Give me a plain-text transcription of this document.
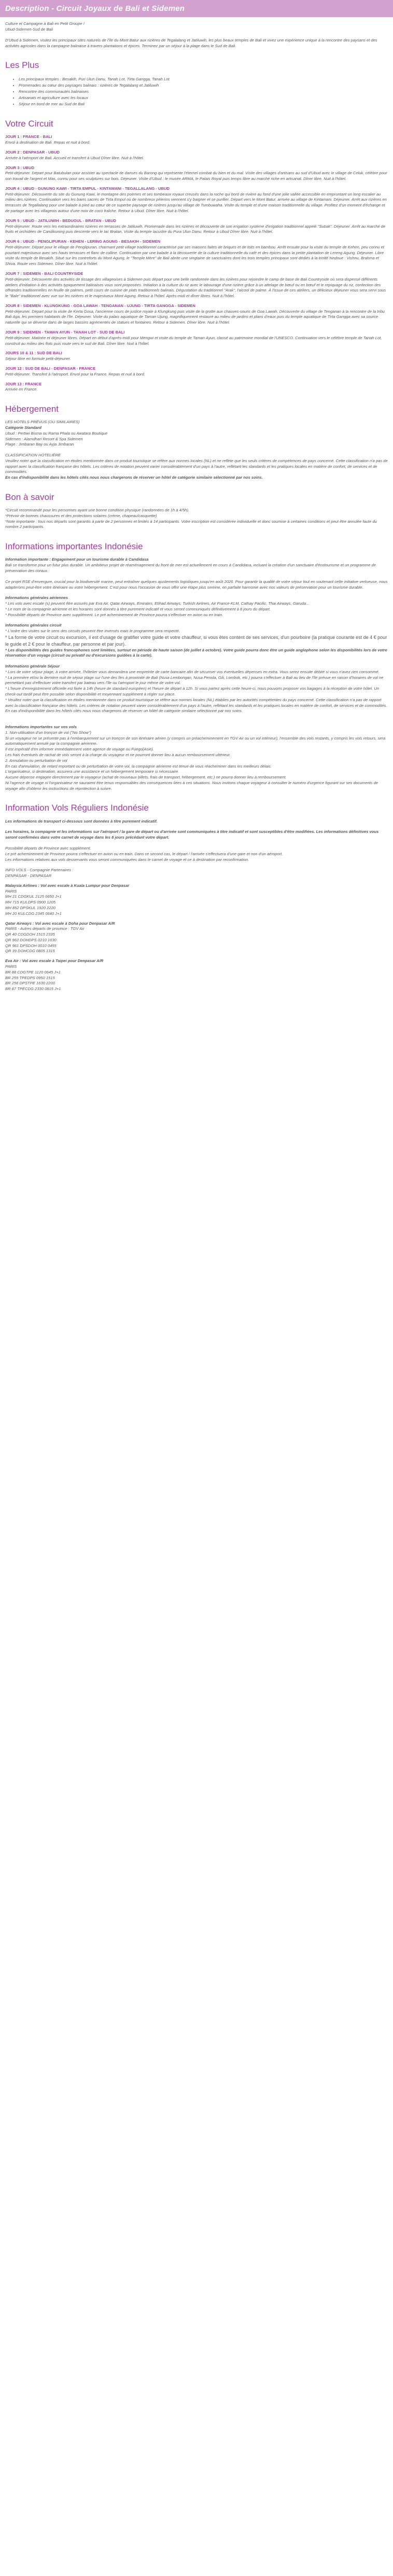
Description - Circuit Joyaux de Bali et Sidemen
Culture et Campagne à Bali en Petit Groupe !
Ubud-Sidemen-Sud de Bali

D'Ubud à Sidemen, visitez les principaux sites naturels de l'île du Mont Batur aux rizières de Tegalalang et Jatiluwih, les plus beaux temples de Bali et vivez une expérience unique à la rencontre des paysans et des activités agricoles dans la campagne balinaise à travers plantations et épices. Terminez par un séjour à la plage dans le Sud de Bali.

Les Plus
• Les principaux temples : Besakih, Puri Ulun Danu, Tanah Lot, Tirta Gangga, Tanah Lot
• Promenades au cœur des paysages balinais : rizières de Tegalalang et Jatiluwih
• Rencontre des communautés balinaises
• Artisanats et agriculture avec les locaux
• Séjour en bord de mer au Sud de Bali
Votre Circuit
JOUR 1 : FRANCE - BALI
Envol à destination de Bali. Repas et nuit à bord.
JOUR 2 : DENPASAR - UBUD
Arrivée à l'aéroport de Bali. Accueil et transfert à Ubud Dîner libre. Nuit à l'hôtel.
JOUR 3 : UBUD
Petit-déjeuner. Départ pour Batubulan pour assister au spectacle de danses du Barong qui représente l'éternel combat du bien et du mal. Visite des villages d'artisans au sud d'Ubud avec le village de Celuk, célèbre pour son travail de l'argent et Mas, connu pour ses sculptures sur bois. Déjeuner. Visite d'Ubud : le musée ARMA, le Palais Royal puis temps libre au marché riche en artisanat. Dîner libre. Nuit à l'hôtel.
JOUR 4 : UBUD - GUNUNG KAWI - TIRTA EMPUL - KINTAMANI - TEGALLALANG - UBUD
Petit-déjeuner. Découverte du site du Gunung Kawi, le montagne des poèmes et ses tombeaux royaux creusés dans la roche qui bord de rivière au fond d'une jolie vallée accessible en empruntant un long escalier au milieu des rizières. Continuation vers les bains sacrés de Tirta Empul où de nombreux pèlerins viennent s'y baigner et se purifier. Départ vers le Mont Batur, arrivée au village de Kintamani. Déjeuner. Arrêt aux rizières en terrasses de Tegallalang pour une balade à pied au cœur de ce superbe paysage de rizières jusqu'au village de Tumbuwaha. Visite du temple et d'une maison traditionnelle du village. Profitez d'un moment d'échange et de partage avec les villageois autour d'une noix de coco fraîche. Retour à Ubud. Dîner libre. Nuit à l'hôtel.
JOUR 5 : UBUD - JATILUWIH - BEDUGUL - BRATAN - UBUD
Petit-déjeuner. Route vers les extraordinaires rizières en terrasses de Jatiluwih. Promenade dans les rizières et découverte de son irrigation système d'irrigation traditionnel appelé "Subak". Déjeuner. Arrêt au marché de fruits et orchidées de Candikuning puis descente vers le lac Bratan. Visite du temple lacustre du Pura Ulun Danu. Retour à Ubud Dîner libre. Nuit à l'hôtel.
JOUR 6 : UBUD - PENGLIPURAN - KEHEN - LERING AGUNG - BESAKIH - SIDEMEN
Petit-déjeuner. Départ pour le village de Penglipuran, charmant petit village traditionnel caractérisé par ses maisons faites de briques et de toits en bambou. Arrêt ensuite pour la visite du temple de Kehen, peu connu et pourtant majestueux avec ses hauts terrasses et flanc de colline. Continuation par une balade à la découverte de la culture traditionnelle du café et des épices dans la petite plantation de Lereng Agung. Déjeuner. Libre visite du temple de Besakih. Situé sur les contreforts du Mont Agung, le "Temple Mère" de Bali abrite une vingtaine de sanctuaires dont les trois temples principaux sont dédiés à la trinité hindoue : Vishnu, Brahma et Shiva. Route vers Sidemen. Dîner libre. Nuit à l'hôtel.
JOUR 7 : SIDEMEN - BALI COUNTRYSIDE
Petit-déjeuner. Découverte des activités de tissage des villageoises à Sidemen puis départ pour une belle randonnée dans les rizières pour rejoindre le camp de base de Bali Countryside où sera dispensé différents ateliers d'initiation à des activités typiquement balinaises vous sont proposées. Initiation à la culture du riz avec le labourage d'une rizière grâce à un attelage de bœuf ou en bœuf et le repiquage du riz, confection des offrandes traditionnelles en feuille de palmes, petit cours de cuisine de plats traditionnels balinais. Dégustation du traditionnel "Arak", l'alcool de palme. À l'issue de ces ateliers, un délicieux déjeuner vous sera servi sous le "Bale" traditionnel avec vue sur les rizières et le majestueux Mont Agung. Retour à l'hôtel. Après-midi et dîner libres. Nuit à l'hôtel.
JOUR 8 : SIDEMEN - KLUNGKUNG - GOA LAWAH - TENGANAN - UJUNG - TIRTA GANGGA - SIDEMEN
Petit-déjeuner. Départ pour la visite de Kerta Gosa, l'ancienne cours de justice royale à Klungkung puis visite de la grotte aux chauves-souris de Goa Lawah. Découverte du village de Tenganan à la rencontre de la tribu Bali Aga, les premiers habitants de l'île. Déjeuner. Visite du palais aquatique de Taman Ujung, magnifiquement restauré au milieu de jardins et plans d'eaux puis du temple aquatique de Tirta Gangga avec sa source naturelle qui se déverse dans de larges bassins agrémentés de statues et fontaines. Retour à Sidemen. Dîner libre. Nuit à l'hôtel.
JOUR 9 : SIDEMEN - TAMAN AYUN - TANAH LOT - SUD DE BALI
Petit-déjeuner. Matinée et déjeuner libres. Départ en début d'après-midi pour Mengwi et visite du temple de Taman Ayun, classé au patrimoine mondial de l'UNESCO. Continuation vers le célèbre temple de Tanah Lot, construit au milieu des flots puis route vers le sud de Bali. Dîner libre. Nuit à l'hôtel.
JOURS 10 & 11 : SUD DE BALI
Séjour libre en formule petit-déjeuner.
JOUR 12 : SUD DE BALI - DENPASAR - FRANCE
Petit-déjeuner. Transfert à l'aéroport. Envol pour la France. Repas et nuit à bord.
JOUR 13 : FRANCE
Arrivée en France.
Hébergement
LES HOTELS PRÉVUS (OU SIMILAIRES)
Catégorie Standard
Ubud : Pertiwi Bisma ou Rama Phala ou Awatara Boutique
Sidemen : Alamdhari Resort & Spa Sidemen
Plage : Jimbaran Bay ou Ayja Jimbaran
CLASSIFICATION HÔTELIÈRE
Veuillez noter que la classification en étoiles mentionnée dans ce produit touristique se réfère aux normes locales (NL) et ne reflète que les seuls critères de compétences de pays concerné. Cette classification n'a pas de rapport avec la classification française des hôtels. Les critères de notation peuvent varier considérablement d'un pays à l'autre, reflétant les standards et les pratiques locales en matière de confort, de services et de commodités.
En cas d'indisponibilité dans les hôtels cités nous nous chargerons de réserver un hôtel de catégorie similaire sélectionné par nos soins.
Bon à savoir
*Circuit recommandé pour les personnes ayant une bonne condition physique (randonnées de 1h à 4/5h).
*Prévoir de bonnes chaussures et des protections solaires (crème, chapeau/casquette)
*Note importante : tous nos départs sont garantis à partir de 2 personnes et limités à 14 participants. Votre inscription est considérée individuelle et donc soumise à certaines conditions et peut être annulée faute du nombre 2 participants.
Informations importantes Indonésie
Information importante : Engagement pour un tourisme durable à Candidasa
Bali se transforme pour un futur plus durable. Un ambitieux projet de réaménagement du front de mer est actuellement en cours à Candidasa, incluant la création d'un sanctuaire d'écotourisme et un programme de préservation des coraux.
Ce projet RSE d'envergure, crucial pour la biodiversité marine, peut entraîner quelques ajustements logistiques jusqu'en août 2026. Pour garantir la qualité de votre séjour tout en soutenant cette initiative vertueuse, nous adapterons peut-être votre itinéraire ou votre hébergement. C'est pour nous l'occasion de vous offrir une étape plus sereine, en parfaite harmonie avec nos valeurs de préservation pour un tourisme durable.
Informations générales aériennes
* Les vols avec escale (s) peuvent être assurés par Eva Air, Qatar Airways, Emirates, Etihad Airways, Turkish Airlines, Air France-KLM, Cathay Pacific, Thai Airways, Garuda...
* Le nom de la compagnie aérienne et les horaires sont donnés à titre purement indicatif et vous seront communiqués définitivement à 8 jours du départ.
* Possibilité départs de Province avec supplément. Le pré acheminement de Province pourra s'effectuer en avion ou en train.
Informations générales circuit
* L'ordre des visites sur le sens des circuits peuvent être inversés mais le programme sera respecté.
* La forme de votre circuit ou excursion, il est d'usage de gratifier votre guide et votre chauffeur, si vous êtes content de ses services, d'un pourboire (la pratique courante est de 4 € pour le guide et 2 € pour le chauffeur, par personne et par jour).
* Les disponibilités des guides francophones sont limitées, surtout en période de haute saison (de juillet à octobre). Votre guide pourra donc être un guide anglophone selon les disponibilités lors de votre réservation d'un voyage (circuit ou privatif ou d'excursions guidées à la carte).
Informations générale Séjour
* Lors de votre séjour plage, à votre arrivée, l'hôtelier vous demandera une empreinte de carte bancaire afin de sécuriser vos éventuelles dépenses en extra. Vous serez ensuite débité si vous n'avez rien consommé.
* La première et/ou la dernière nuit de séjour plage sur l'une des îles à proximité de Bali (Nusa Lembongan, Nusa Penida, Gili, Lombok, etc.) pourra s'effectuer à Bali au lieu de l'île prévue en raison d'horaires de vol ne permettant pas d'effectuer votre transfert par bateau vers l'île ou l'aéroport le jour même de votre vol.
* L'heure d'enregistrement officielle est fixée à 14h (heure de standard européen) et l'heure de départ à 12h. Si vous partez après cette heure-ci, nous pouvons proposer vos bagages à la réception de votre hôtel. Un check-out tardif peut être possible selon disponibilité et moyennant supplément à régler sur place.
* Veuillez noter que la classification en étoiles mentionnée dans ce produit touristique se réfère aux normes locales (NL) établies par les autorités compétentes du pays concerné. Cette classification n'a pas de rapport avec la classification française des hôtels. Les critères de notation peuvent varier considérablement d'un pays à l'autre, reflétant les standards et les pratiques locales en matière de confort, de services et de commodités. En cas d'indisponibilité dans les hôtels cités nous nous chargerons de réserver un hôtel de catégorie similaire sélectionné par nos soins.
Informations importantes sur vos vols
1. Non-utilisation d'un tronçon de vol ("No Show")
Si un voyageur ne se présente pas à l'embarquement sur un tronçon de son itinéraire aérien (y compris un préacheminement en TGV Air ou un vol intérieur), l'ensemble des vols restants, y compris les vols retours, sera automatiquement annulé par la compagnie aérienne.
Il est impératif d'en informer immédiatement votre agence de voyage ou Fuego(Asie).
Les frais éventuels de rachat de vols seront à la charge du voyageur et ne pourront donner lieu à aucun remboursement ultérieur.
2. Annulation ou perturbation de vol
En cas d'annulation, de retard important ou de perturbation de votre vol, la compagnie aérienne est tenue de vous réacheminer dans les meilleurs délais.
L'organisateur, si destination, assurera une assistance et un hébergement temporaire si nécessaire.
Aucune dépense engagée directement par le voyageur (achat de nouveaux billets, frais de transport, hébergement, etc.) ne pourra donner lieu à remboursement.
Ni l'agence de voyage ni l'organisateur ne sauraient être tenus responsables des conséquences liées à ces situations. Nous invitons chaque voyageur à consulter le numéro d'urgence figurant sur ses documents de voyage afin d'obtenir les instructions de réprotection à suivre.
Information Vols Réguliers Indonésie

Les informations de transport ci-dessous sont données à titre purement indicatif.

Les horaires, la compagnie et les informations sur l'aéroport / la gare de départ ou d'arrivée sont communiquées à titre indicatif et sont susceptibles d'être modifiées. Les informations définitives vous seront confirmées dans votre carnet de voyage dans les 8 jours précédant votre départ.

Possibilité départs de Province avec supplément.
Le pré acheminement de Province pourra s'effectuer en avion ou en train. Dans ce second cas, le départ / l'arrivée s'effectuera d'une gare et non d'un aéroport.
Les informations relatives aux vols desservants vous seront communiquées dans le carnet de voyage et ce à destination par reconfirmation.
INFO VOLS - Compagnie Partenaires :
DENPASAR - DENPASAR
Malaysia Airlines : Vol avec escale à Kuala Lumpur pour Denpasar
PARIS
MH 21 CDGKUL 2125 0650 J+1
MH 715 KULDPS 0900 1205
MH 852 DPSKUL 1920 2220
MH 20 KULCDG 2345 0640 J+1
Qatar Airways : Vol avec escale à Doha pour Denpasar A/R
PARIS - Autres départs de province : TGV Air
QR 40 CDGDOH 1515 2335
QR 962 DOHDPS 0210 1630
QR 961 DPSDOH 0010 0455
QR 39 DOHCDG 0805 1315
Eva Air : Vol avec escale à Taipei pour Denpasar A/R
PARIS
BR 88 CDGTPE 1120 0645 J+1
BR 255 TPEDPS 0950 1515
BR 256 DPSTPE 1630 2200
BR 87 TPECDG 2330 0815 J+1
